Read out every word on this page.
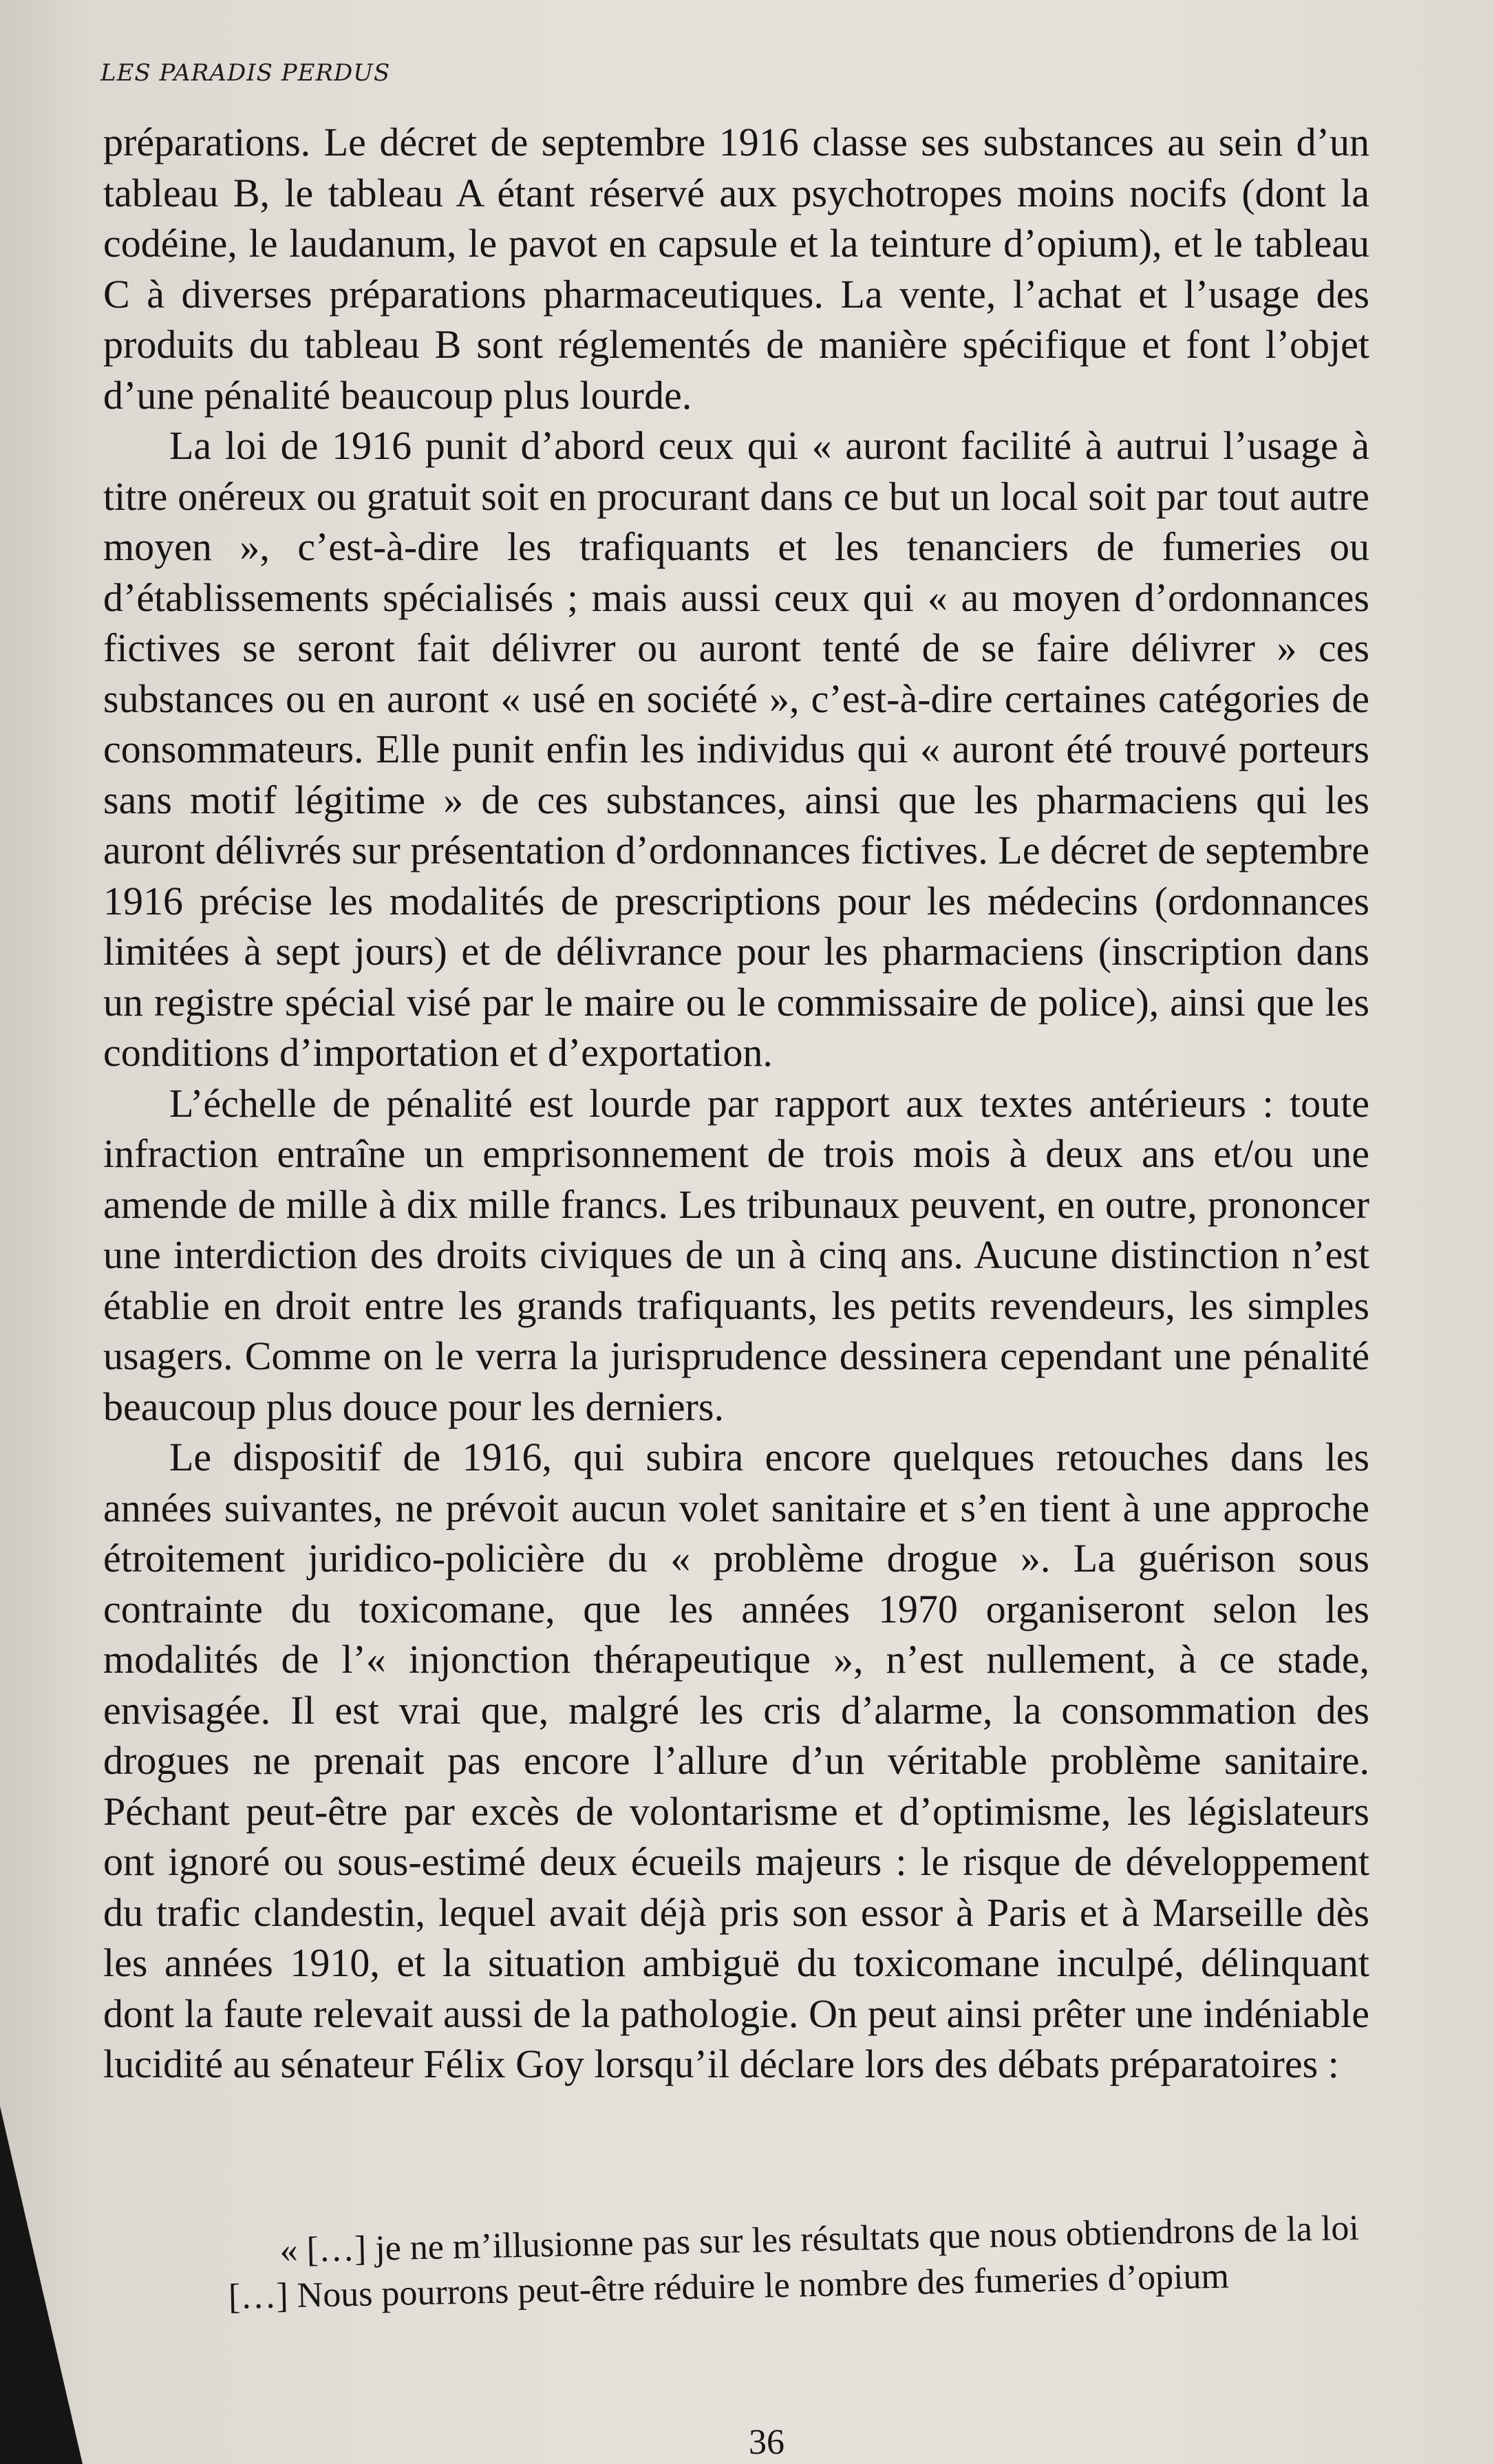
LES PARADIS PERDUS

préparations. Le décret de septembre 1916 classe ses substances au sein d’un tableau B, le tableau A étant réservé aux psychotropes moins nocifs (dont la codéine, le laudanum, le pavot en capsule et la teinture d’opium), et le tableau C à diverses préparations pharmaceutiques. La vente, l’achat et l’usage des produits du tableau B sont réglementés de manière spécifique et font l’objet d’une pénalité beaucoup plus lourde.

La loi de 1916 punit d’abord ceux qui « auront facilité à autrui l’usage à titre onéreux ou gratuit soit en procurant dans ce but un local soit par tout autre moyen », c’est-à-dire les trafiquants et les tenanciers de fumeries ou d’établissements spécialisés ; mais aussi ceux qui « au moyen d’ordonnances fictives se seront fait délivrer ou auront tenté de se faire délivrer » ces substances ou en auront « usé en société », c’est-à-dire certaines catégories de consommateurs. Elle punit enfin les individus qui « auront été trouvé porteurs sans motif légitime » de ces substances, ainsi que les pharmaciens qui les auront délivrés sur présentation d’ordonnances fictives. Le décret de septembre 1916 précise les modalités de prescriptions pour les médecins (ordonnances limitées à sept jours) et de délivrance pour les pharmaciens (inscription dans un registre spécial visé par le maire ou le commissaire de police), ainsi que les conditions d’importation et d’exportation.

L’échelle de pénalité est lourde par rapport aux textes antérieurs : toute infraction entraîne un emprisonnement de trois mois à deux ans et/ou une amende de mille à dix mille francs. Les tribunaux peuvent, en outre, prononcer une interdiction des droits civiques de un à cinq ans. Aucune distinction n’est établie en droit entre les grands trafiquants, les petits revendeurs, les simples usagers. Comme on le verra la jurisprudence dessinera cependant une pénalité beaucoup plus douce pour les derniers.

Le dispositif de 1916, qui subira encore quelques retouches dans les années suivantes, ne prévoit aucun volet sanitaire et s’en tient à une approche étroitement juridico-policière du « problème drogue ». La guérison sous contrainte du toxicomane, que les années 1970 organiseront selon les modalités de l’« injonction thérapeutique », n’est nullement, à ce stade, envisagée. Il est vrai que, malgré les cris d’alarme, la consommation des drogues ne prenait pas encore l’allure d’un véritable problème sanitaire. Péchant peut-être par excès de volontarisme et d’optimisme, les législateurs ont ignoré ou sous-estimé deux écueils majeurs : le risque de développement du trafic clandestin, lequel avait déjà pris son essor à Paris et à Marseille dès les années 1910, et la situation ambiguë du toxicomane inculpé, délinquant dont la faute relevait aussi de la pathologie. On peut ainsi prêter une indéniable lucidité au sénateur Félix Goy lorsqu’il déclare lors des débats préparatoires :

« […] je ne m’illusionne pas sur les résultats que nous obtiendrons de la loi […] Nous pourrons peut-être réduire le nombre des fumeries d’opium

36
